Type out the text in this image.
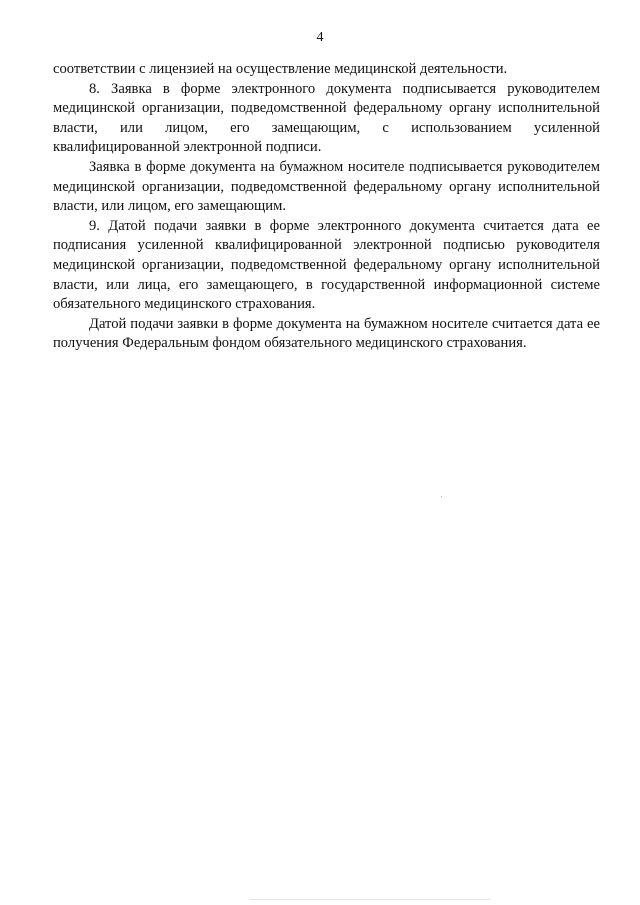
4

соответствии с лицензией на осуществление медицинской деятельности.

8. Заявка в форме электронного документа подписывается руководителем медицинской организации, подведомственной федеральному органу исполнительной власти, или лицом, его замещающим, с использованием усиленной квалифицированной электронной подписи.

Заявка в форме документа на бумажном носителе подписывается руководителем медицинской организации, подведомственной федеральному органу исполнительной власти, или лицом, его замещающим.

9. Датой подачи заявки в форме электронного документа считается дата ее подписания усиленной квалифицированной электронной подписью руководителя медицинской организации, подведомственной федеральному органу исполнительной власти, или лица, его замещающего, в государственной информационной системе обязательного медицинского страхования.

Датой подачи заявки в форме документа на бумажном носителе считается дата ее получения Федеральным фондом обязательного медицинского страхования.
